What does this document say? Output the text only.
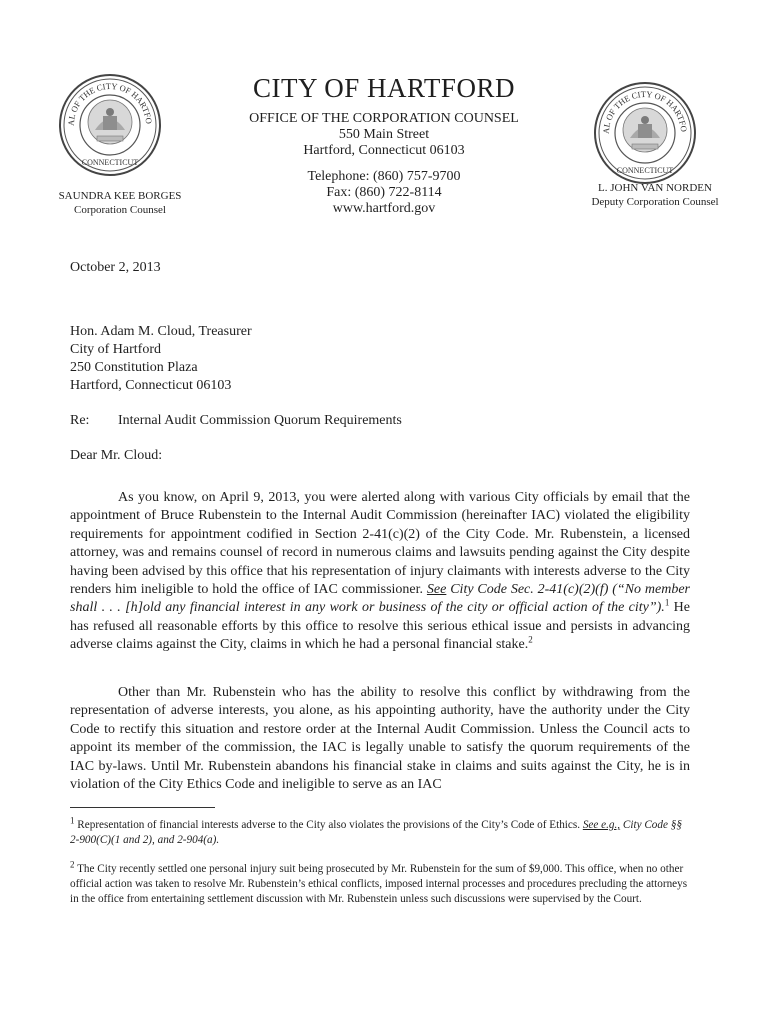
AL OF THE CITY OF HARTFO
CONNECTICUT
AL OF THE CITY OF HARTFO
CONNECTICUT
SAUNDRA KEE BORGES
Corporation Counsel
L. JOHN VAN NORDEN
Deputy Corporation Counsel
CITY OF HARTFORD
OFFICE OF THE CORPORATION COUNSEL
550 Main Street
Hartford, Connecticut 06103
Telephone: (860) 757-9700
Fax: (860) 722-8114
www.hartford.gov
October 2, 2013
Hon. Adam M. Cloud, Treasurer
City of Hartford
250 Constitution Plaza
Hartford, Connecticut 06103
Re: Internal Audit Commission Quorum Requirements
Dear Mr. Cloud:
As you know, on April 9, 2013, you were alerted along with various City officials by email that the appointment of Bruce Rubenstein to the Internal Audit Commission (hereinafter IAC) violated the eligibility requirements for appointment codified in Section 2-41(c)(2) of the City Code. Mr. Rubenstein, a licensed attorney, was and remains counsel of record in numerous claims and lawsuits pending against the City despite having been advised by this office that his representation of injury claimants with interests adverse to the City renders him ineligible to hold the office of IAC commissioner. See City Code Sec. 2-41(c)(2)(f) (“No member shall . . . [h]old any financial interest in any work or business of the city or official action of the city”).$^1$ He has refused all reasonable efforts by this office to resolve this serious ethical issue and persists in advancing adverse claims against the City, claims in which he had a personal financial stake.$^2$
Other than Mr. Rubenstein who has the ability to resolve this conflict by withdrawing from the representation of adverse interests, you alone, as his appointing authority, have the authority under the City Code to rectify this situation and restore order at the Internal Audit Commission. Unless the Council acts to appoint its member of the commission, the IAC is legally unable to satisfy the quorum requirements of the IAC by-laws. Until Mr. Rubenstein abandons his financial stake in claims and suits against the City, he is in violation of the City Ethics Code and ineligible to serve as an IAC
$^1$ Representation of financial interests adverse to the City also violates the provisions of the City’s Code of Ethics. See e.g., City Code §§ 2-900(C)(1 and 2), and 2-904(a).
$^2$ The City recently settled one personal injury suit being prosecuted by Mr. Rubenstein for the sum of $9,000. This office, when no other official action was taken to resolve Mr. Rubenstein’s ethical conflicts, imposed internal processes and procedures precluding the attorneys in the office from entertaining settlement discussion with Mr. Rubenstein unless such discussions were supervised by the Court.
